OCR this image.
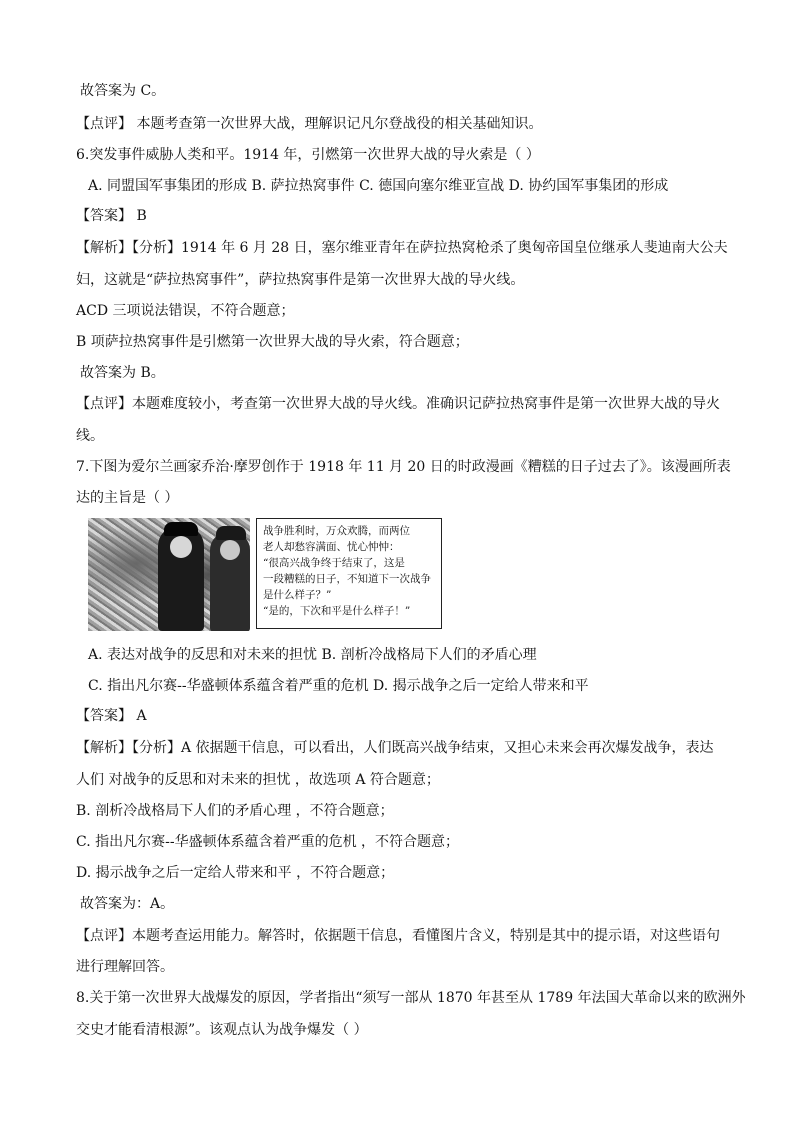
故答案为 C。
【点评】 本题考查第一次世界大战，理解识记凡尔登战役的相关基础知识。
6.突发事件威胁人类和平。1914 年，引燃第一次世界大战的导火索是（ ）
A. 同盟国军事集团的形成 B. 萨拉热窝事件 C. 德国向塞尔维亚宣战 D. 协约国军事集团的形成
【答案】 B
【解析】【分析】1914 年 6 月 28 日，塞尔维亚青年在萨拉热窝枪杀了奥匈帝国皇位继承人斐迪南大公夫
妇，这就是“萨拉热窝事件”，萨拉热窝事件是第一次世界大战的导火线。
ACD 三项说法错误，不符合题意；
B 项萨拉热窝事件是引燃第一次世界大战的导火索，符合题意；
故答案为 B。
【点评】本题难度较小，考查第一次世界大战的导火线。准确识记萨拉热窝事件是第一次世界大战的导火
线。
7.下图为爱尔兰画家乔治·摩罗创作于 1918 年 11 月 20 日的时政漫画《糟糕的日子过去了》。该漫画所表
达的主旨是（ ）
战争胜利时，万众欢腾，而两位
老人却愁容满面、忧心忡忡：
“很高兴战争终于结束了，这是
一段糟糕的日子，不知道下一次战争
是什么样子？”
“是的，下次和平是什么样子！”
A. 表达对战争的反思和对未来的担忧 B. 剖析冷战格局下人们的矛盾心理
C. 指出凡尔赛--华盛顿体系蕴含着严重的危机 D. 揭示战争之后一定给人带来和平
【答案】 A
【解析】【分析】A 依据题干信息，可以看出，人们既高兴战争结束，又担心未来会再次爆发战争，表达
人们 对战争的反思和对未来的担忧 ，故选项 A 符合题意；
B. 剖析冷战格局下人们的矛盾心理 ，不符合题意；
C. 指出凡尔赛--华盛顿体系蕴含着严重的危机 ，不符合题意；
D. 揭示战争之后一定给人带来和平 ，不符合题意；
故答案为：A。
【点评】本题考查运用能力。解答时，依据题干信息，看懂图片含义，特别是其中的提示语，对这些语句
进行理解回答。
8.关于第一次世界大战爆发的原因，学者指出“须写一部从 1870 年甚至从 1789 年法国大革命以来的欧洲外
交史才能看清根源”。该观点认为战争爆发（ ）
